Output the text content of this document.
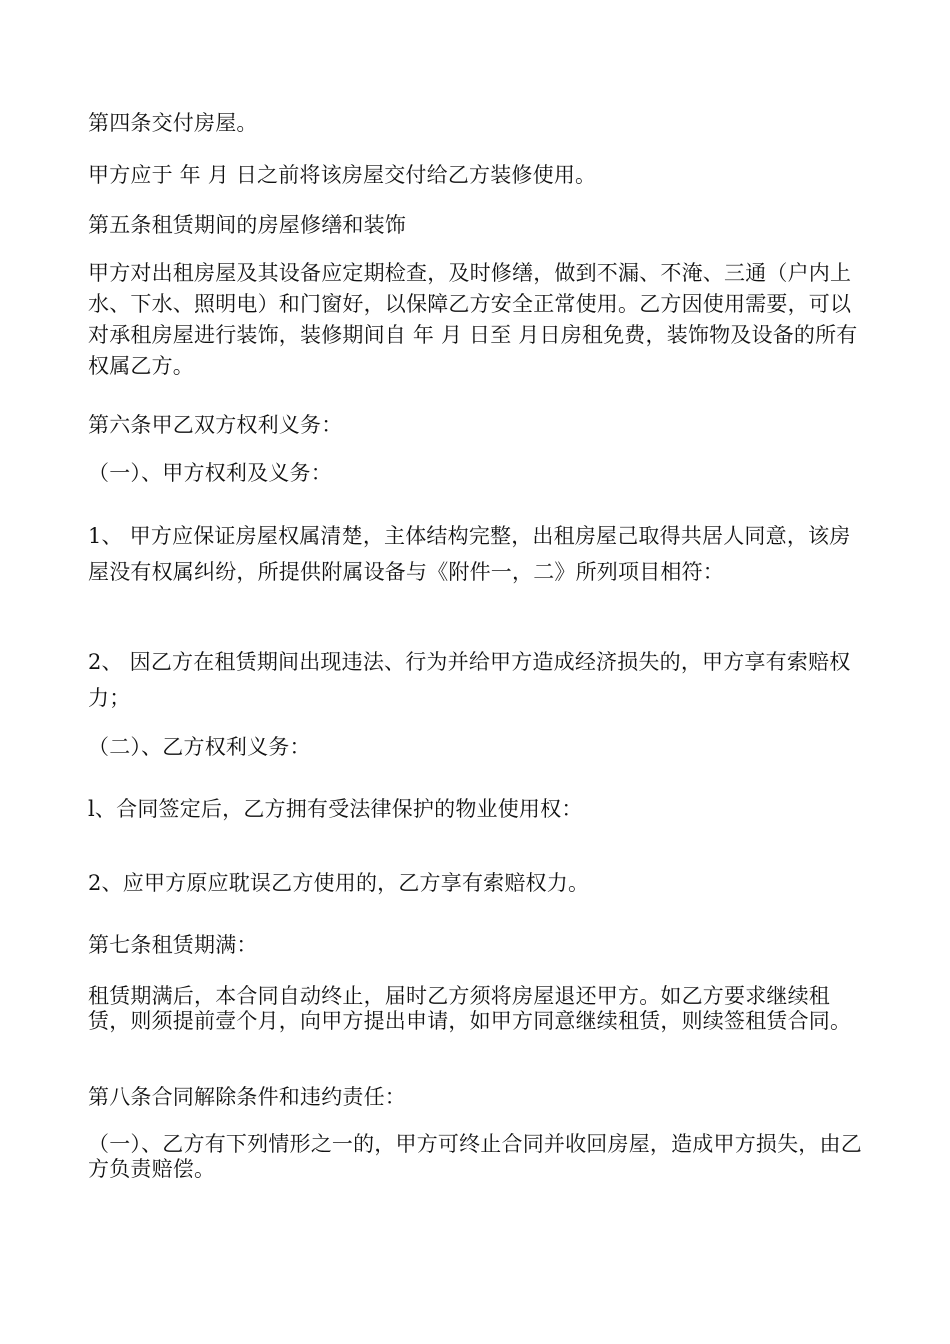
第四条交付房屋。
甲方应于 年 月 日之前将该房屋交付给乙方装修使用。
第五条租赁期间的房屋修缮和装饰
甲方对出租房屋及其设备应定期检查，及时修缮，做到不漏、不淹、三通（户内上水、下水、照明电）和门窗好，以保障乙方安全正常使用。乙方因使用需要，可以对承租房屋进行装饰，装修期间自 年 月 日至 月日房租免费，装饰物及设备的所有权属乙方。
第六条甲乙双方权利义务：
（一）、甲方权利及义务：
1、 甲方应保证房屋权属清楚，主体结构完整，出租房屋己取得共居人同意，该房屋没有权属纠纷，所提供附属设备与《附件一，二》所列项目相符：
2、 因乙方在租赁期间出现违法、行为并给甲方造成经济损失的，甲方享有索赔权力；
（二）、乙方权利义务：
l、合同签定后，乙方拥有受法律保护的物业使用权：
2、应甲方原应耽误乙方使用的，乙方享有索赔权力。
第七条租赁期满：
租赁期满后，本合同自动终止，届时乙方须将房屋退还甲方。如乙方要求继续租赁，则须提前壹个月，向甲方提出申请，如甲方同意继续租赁，则续签租赁合同。
第八条合同解除条件和违约责任：
（一）、乙方有下列情形之一的，甲方可终止合同并收回房屋，造成甲方损失，由乙方负责赔偿。
